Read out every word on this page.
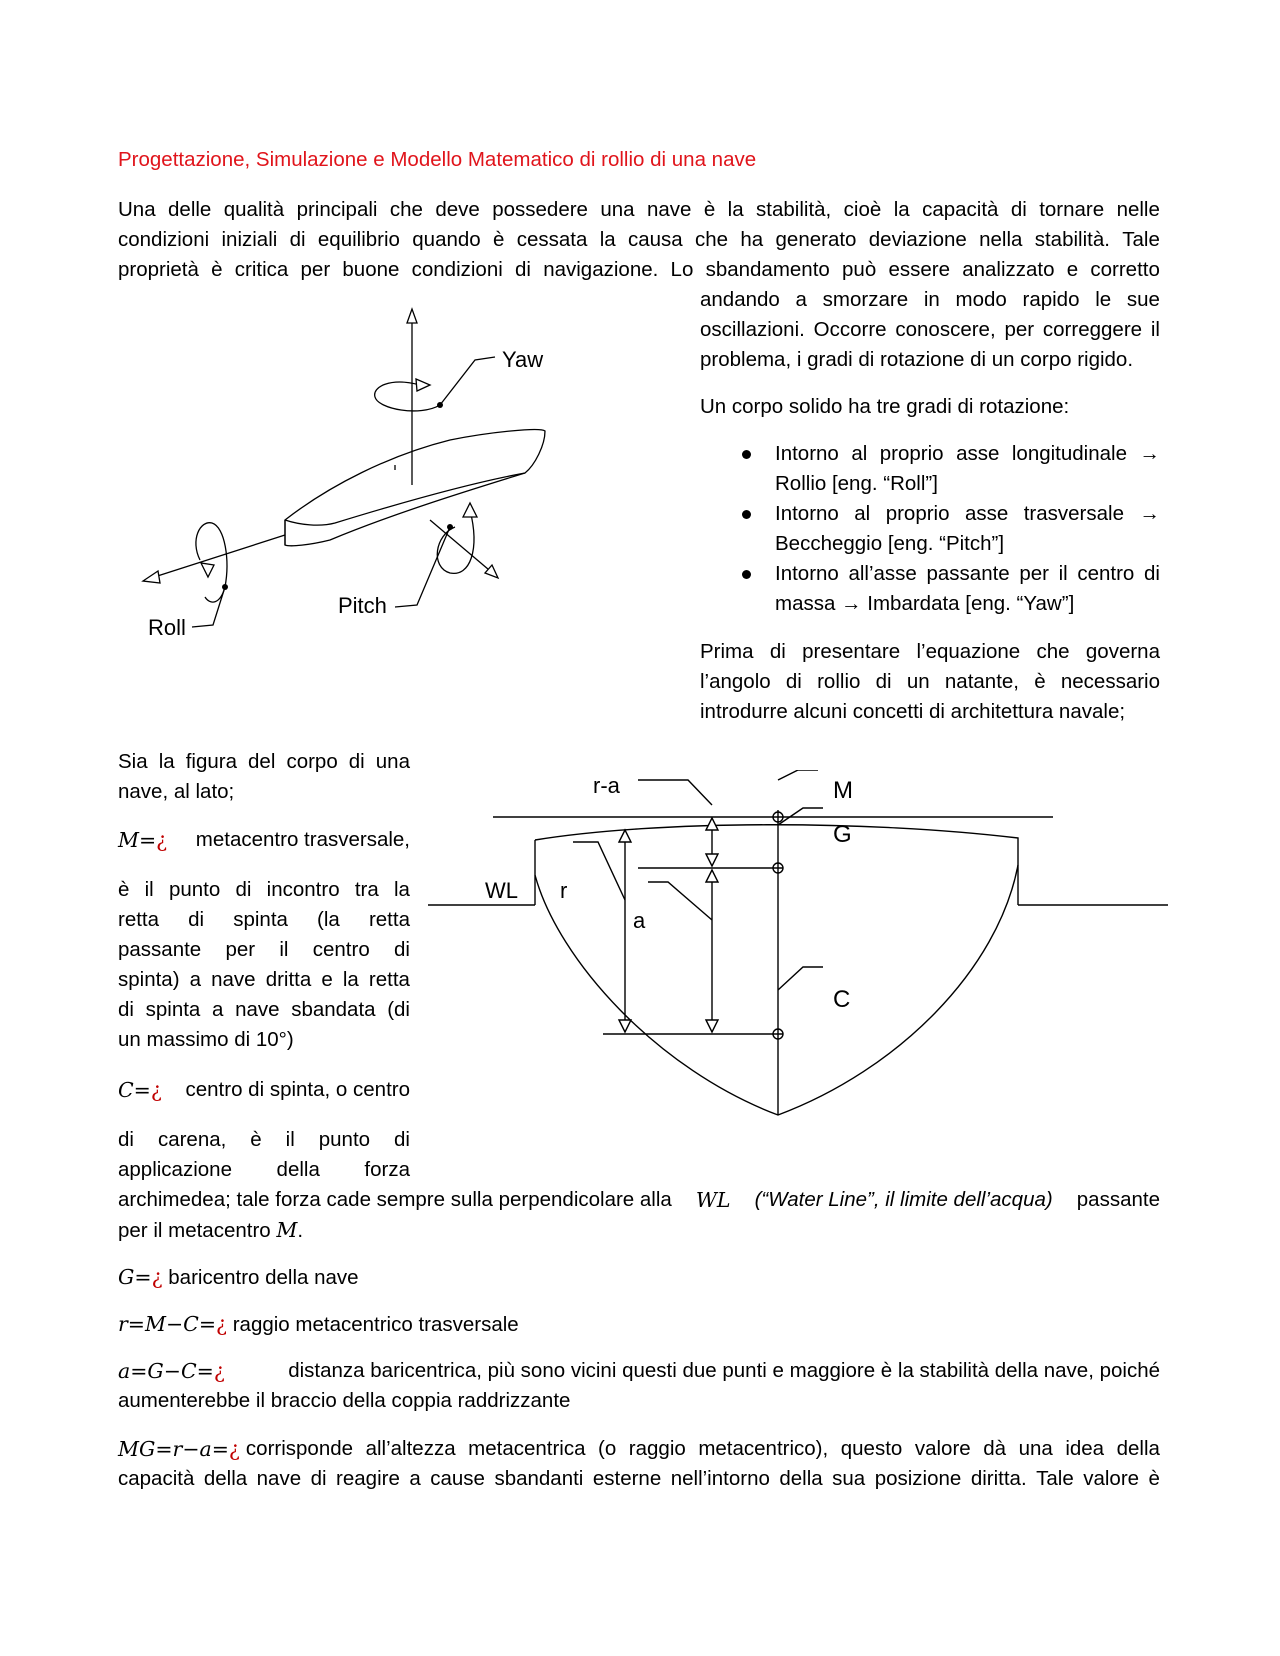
Progettazione, Simulazione e Modello Matematico di rollio di una nave
Una delle qualità principali che deve possedere una nave è la stabilità, cioè la capacità di tornare nelle
condizioni iniziali di equilibrio quando è cessata la causa che ha generato deviazione nella stabilità. Tale
proprietà è critica per buone condizioni di navigazione. Lo sbandamento può essere analizzato e corretto
andando a smorzare in modo rapido le sue
oscillazioni. Occorre conoscere, per correggere il
problema, i gradi di rotazione di un corpo rigido.
Un corpo solido ha tre gradi di rotazione:
Intorno al proprio asse longitudinale →
Rollio [eng. “Roll”]
Intorno al proprio asse trasversale →
Beccheggio [eng. “Pitch”]
Intorno all’asse passante per il centro di
massa → Imbardata [eng. “Yaw”]
Prima di presentare l’equazione che governa
l’angolo di rollio di un natante, è necessario
introdurre alcuni concetti di architettura navale;
Yaw
Roll
Pitch
Sia la figura del corpo di una
nave, al lato;
M=¿ metacentro trasversale,
è il punto di incontro tra la
retta di spinta (la retta
passante per il centro di
spinta) a nave dritta e la retta
di spinta a nave sbandata (di
un massimo di 10°)
C=¿ centro di spinta, o centro
di carena, è il punto di
applicazione della forza
archimedea; tale forza cade sempre sulla perpendicolare alla WL (“Water Line”, il limite dell’acqua) passante
per il metacentro M.
r-a	M
G
WL r
a
C
G=¿ baricentro della nave
r=M−C=¿ raggio metacentrico trasversale
a=G−C=¿	distanza baricentrica, più sono vicini questi due punti e maggiore è la stabilità della nave, poiché
aumenterebbe il braccio della coppia raddrizzante
MG=r−a=¿ corrisponde all’altezza metacentrica (o raggio metacentrico), questo valore dà una idea della
capacità della nave di reagire a cause sbandanti esterne nell’intorno della sua posizione diritta. Tale valore è
